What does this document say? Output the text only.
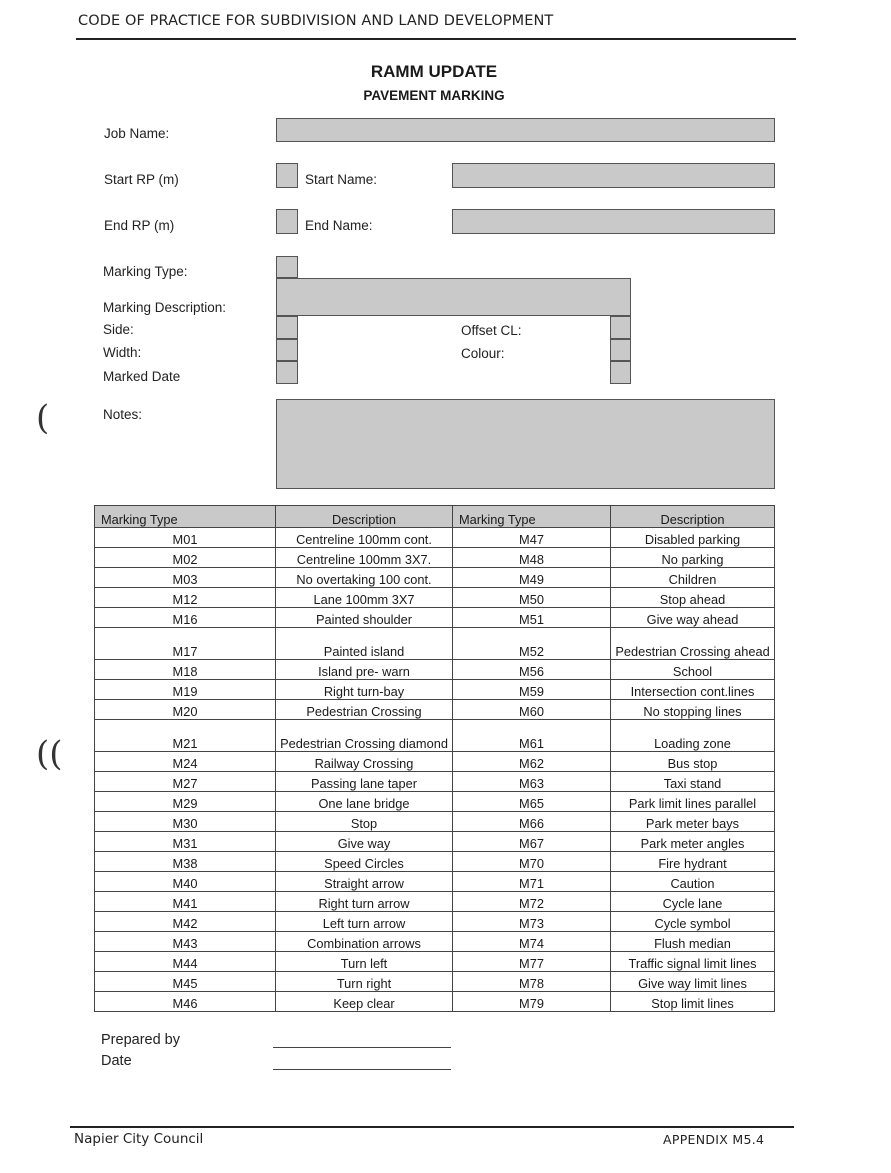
CODE OF PRACTICE FOR SUBDIVISION AND LAND DEVELOPMENT
RAMM UPDATE
PAVEMENT MARKING
Job Name:
Start RP (m)	Start Name:
End RP (m)	End Name:
Marking Type:
Marking Description:
Side:	Offset CL:
Width:	Colour:
Marked Date
Notes:
(
((
Marking Type	Description	Marking Type	Description
M01	Centreline 100mm cont.	M47	Disabled parking
M02	Centreline 100mm 3X7.	M48	No parking
M03	No overtaking 100 cont.	M49	Children
M12	Lane 100mm 3X7	M50	Stop ahead
M16	Painted shoulder	M51	Give way ahead
M17	Painted island	M52	Pedestrian Crossing ahead

M18	Island pre- warn	M56	School
M19	Right turn-bay	M59	Intersection cont.lines
M20	Pedestrian Crossing	M60	No stopping lines
M21	Pedestrian Crossing diamond	M61	Loading zone
M24	Railway Crossing	M62	Bus stop
M27	Passing lane taper	M63	Taxi stand
M29	One lane bridge	M65	Park limit lines parallel
M30	Stop	M66	Park meter bays
M31	Give way	M67	Park meter angles
M38	Speed Circles	M70	Fire hydrant
M40	Straight arrow	M71	Caution
M41	Right turn arrow	M72	Cycle lane
M42	Left turn arrow	M73	Cycle symbol
M43	Combination arrows	M74	Flush median
M44	Turn left	M77	Traffic signal limit lines
M45	Turn right	M78	Give way limit lines
M46	Keep clear	M79	Stop limit lines
Prepared by
Date
Napier City Council	APPENDIX M5.4
